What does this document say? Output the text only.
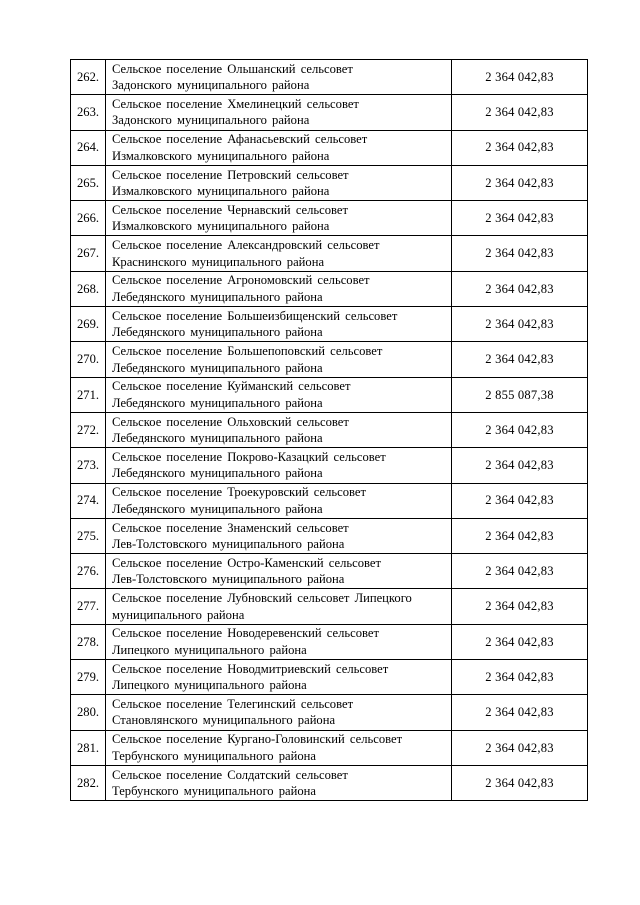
262.	Сельское поселение Ольшанский сельсовет
Задонского муниципального района	2 364 042,83
263.	Сельское поселение Хмелинецкий сельсовет
Задонского муниципального района	2 364 042,83
264.	Сельское поселение Афанасьевский сельсовет
Измалковского муниципального района	2 364 042,83
265.	Сельское поселение Петровский сельсовет
Измалковского муниципального района	2 364 042,83
266.	Сельское поселение Чернавский сельсовет
Измалковского муниципального района	2 364 042,83
267.	Сельское поселение Александровский сельсовет
Краснинского муниципального района	2 364 042,83
268.	Сельское поселение Агрономовский сельсовет
Лебедянского муниципального района	2 364 042,83
269.	Сельское поселение Большеизбищенский сельсовет
Лебедянского муниципального района	2 364 042,83
270.	Сельское поселение Большепоповский сельсовет
Лебедянского муниципального района	2 364 042,83
271.	Сельское поселение Куйманский сельсовет
Лебедянского муниципального района	2 855 087,38
272.	Сельское поселение Ольховский сельсовет
Лебедянского муниципального района	2 364 042,83
273.	Сельское поселение Покрово-Казацкий сельсовет
Лебедянского муниципального района	2 364 042,83
274.	Сельское поселение Троекуровский сельсовет
Лебедянского муниципального района	2 364 042,83
275.	Сельское поселение Знаменский сельсовет
Лев-Толстовского муниципального района	2 364 042,83
276.	Сельское поселение Остро-Каменский сельсовет
Лев-Толстовского муниципального района	2 364 042,83
277.	Сельское поселение Лубновский сельсовет Липецкого
муниципального района	2 364 042,83
278.	Сельское поселение Новодеревенский сельсовет
Липецкого муниципального района	2 364 042,83
279.	Сельское поселение Новодмитриевский сельсовет
Липецкого муниципального района	2 364 042,83
280.	Сельское поселение Телегинский сельсовет
Становлянского муниципального района	2 364 042,83
281.	Сельское поселение Кургано-Головинский сельсовет
Тербунского муниципального района	2 364 042,83
282.	Сельское поселение Солдатский сельсовет
Тербунского муниципального района	2 364 042,83
